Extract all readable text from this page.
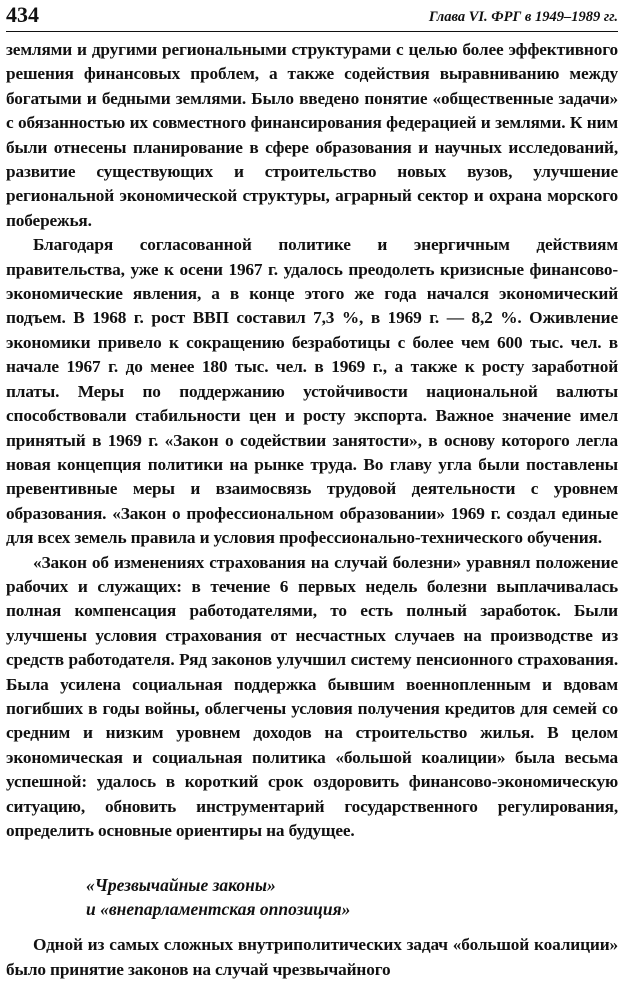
434	Глава VI. ФРГ в 1949–1989 гг.

землями и другими региональными структурами с целью более эффективного решения финансовых проблем, а также содействия выравниванию между богатыми и бедными землями. Было введено понятие «общественные задачи» с обязанностью их совместного финансирования федерацией и землями. К ним были отнесены планирование в сфере образования и научных исследований, развитие существующих и строительство новых вузов, улучшение региональной экономической структуры, аграрный сектор и охрана морского побережья.

Благодаря согласованной политике и энергичным действиям правительства, уже к осени 1967 г. удалось преодолеть кризисные финансово-экономические явления, а в конце этого же года начался экономический подъем. В 1968 г. рост ВВП составил 7,3 %, в 1969 г. — 8,2 %. Оживление экономики привело к сокращению безработицы с более чем 600 тыс. чел. в начале 1967 г. до менее 180 тыс. чел. в 1969 г., а также к росту заработной платы. Меры по поддержанию устойчивости национальной валюты способствовали стабильности цен и росту экспорта. Важное значение имел принятый в 1969 г. «Закон о содействии занятости», в основу которого легла новая концепция политики на рынке труда. Во главу угла были поставлены превентивные меры и взаимосвязь трудовой деятельности с уровнем образования. «Закон о профессиональном образовании» 1969 г. создал единые для всех земель правила и условия профессионально-технического обучения.

«Закон об изменениях страхования на случай болезни» уравнял положение рабочих и служащих: в течение 6 первых недель болезни выплачивалась полная компенсация работодателями, то есть полный заработок. Были улучшены условия страхования от несчастных случаев на производстве из средств работодателя. Ряд законов улучшил систему пенсионного страхования. Была усилена социальная поддержка бывшим военнопленным и вдовам погибших в годы войны, облегчены условия получения кредитов для семей со средним и низким уровнем доходов на строительство жилья. В целом экономическая и социальная политика «большой коалиции» была весьма успешной: удалось в короткий срок оздоровить финансово-экономическую ситуацию, обновить инструментарий государственного регулирования, определить основные ориентиры на будущее.

«Чрезвычайные законы»
и «внепарламентская оппозиция»

Одной из самых сложных внутриполитических задач «большой коалиции» было принятие законов на случай чрезвычайного
